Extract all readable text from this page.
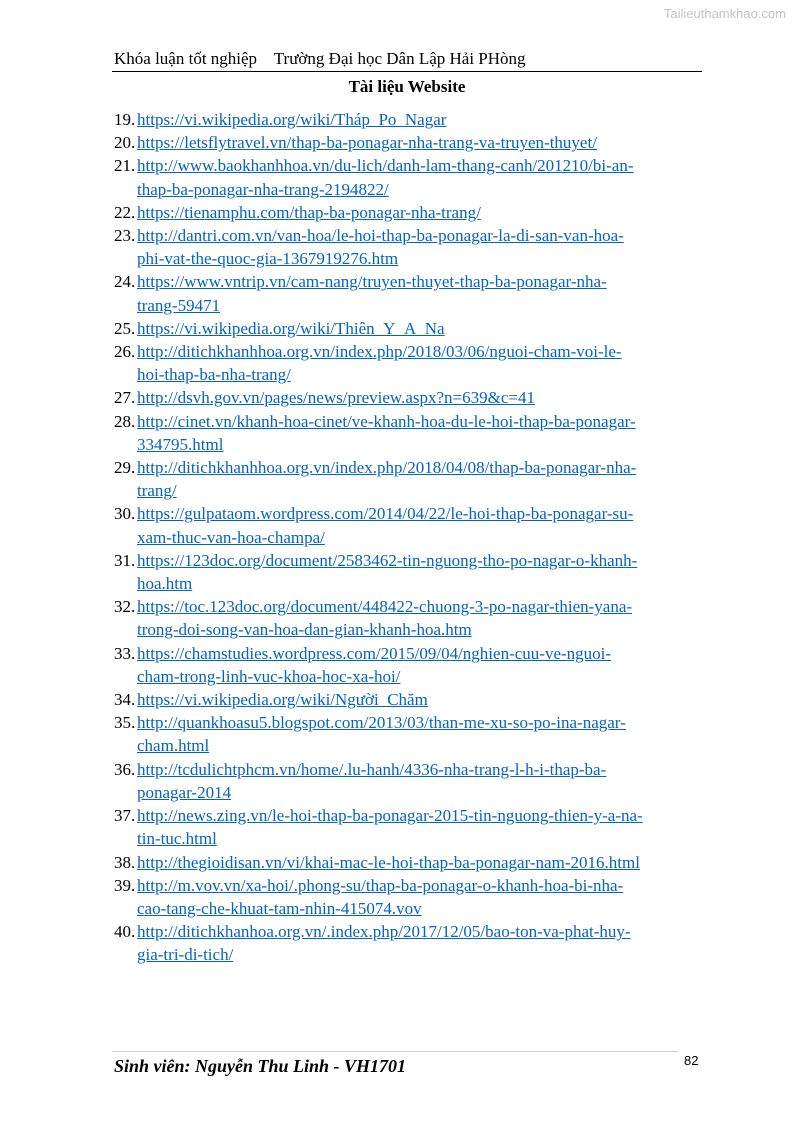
Tailieuthamkhao.com
Khóa luận tốt nghiệp Trường Đại học Dân Lập Hải PHòng
Tài liệu Website
19. https://vi.wikipedia.org/wiki/Tháp_Po_Nagar
20. https://letsflytravel.vn/thap-ba-ponagar-nha-trang-va-truyen-thuyet/
21. http://www.baokhanhhoa.vn/du-lich/danh-lam-thang-canh/201210/bi-an-
thap-ba-ponagar-nha-trang-2194822/
22. https://tienamphu.com/thap-ba-ponagar-nha-trang/
23. http://dantri.com.vn/van-hoa/le-hoi-thap-ba-ponagar-la-di-san-van-hoa-
phi-vat-the-quoc-gia-1367919276.htm
24. https://www.vntrip.vn/cam-nang/truyen-thuyet-thap-ba-ponagar-nha-
trang-59471
25. https://vi.wikipedia.org/wiki/Thiên_Y_A_Na
26. http://ditichkhanhhoa.org.vn/index.php/2018/03/06/nguoi-cham-voi-le-
hoi-thap-ba-nha-trang/
27. http://dsvh.gov.vn/pages/news/preview.aspx?n=639&c=41
28. http://cinet.vn/khanh-hoa-cinet/ve-khanh-hoa-du-le-hoi-thap-ba-ponagar-
334795.html
29. http://ditichkhanhhoa.org.vn/index.php/2018/04/08/thap-ba-ponagar-nha-
trang/
30. https://gulpataom.wordpress.com/2014/04/22/le-hoi-thap-ba-ponagar-su-
xam-thuc-van-hoa-champa/
31. https://123doc.org/document/2583462-tin-nguong-tho-po-nagar-o-khanh-
hoa.htm
32. https://toc.123doc.org/document/448422-chuong-3-po-nagar-thien-yana-
trong-doi-song-van-hoa-dan-gian-khanh-hoa.htm
33. https://chamstudies.wordpress.com/2015/09/04/nghien-cuu-ve-nguoi-
cham-trong-linh-vuc-khoa-hoc-xa-hoi/
34. https://vi.wikipedia.org/wiki/Người_Chăm
35. http://quankhoasu5.blogspot.com/2013/03/than-me-xu-so-po-ina-nagar-
cham.html
36. http://tcdulichtphcm.vn/home/.lu-hanh/4336-nha-trang-l-h-i-thap-ba-
ponagar-2014
37. http://news.zing.vn/le-hoi-thap-ba-ponagar-2015-tin-nguong-thien-y-a-na-
tin-tuc.html
38. http://thegioidisan.vn/vi/khai-mac-le-hoi-thap-ba-ponagar-nam-2016.html
39. http://m.vov.vn/xa-hoi/.phong-su/thap-ba-ponagar-o-khanh-hoa-bi-nha-
cao-tang-che-khuat-tam-nhin-415074.vov
40. http://ditichkhanhoa.org.vn/.index.php/2017/12/05/bao-ton-va-phat-huy-
gia-tri-di-tich/
Sinh viên: Nguyễn Thu Linh - VH1701	82
